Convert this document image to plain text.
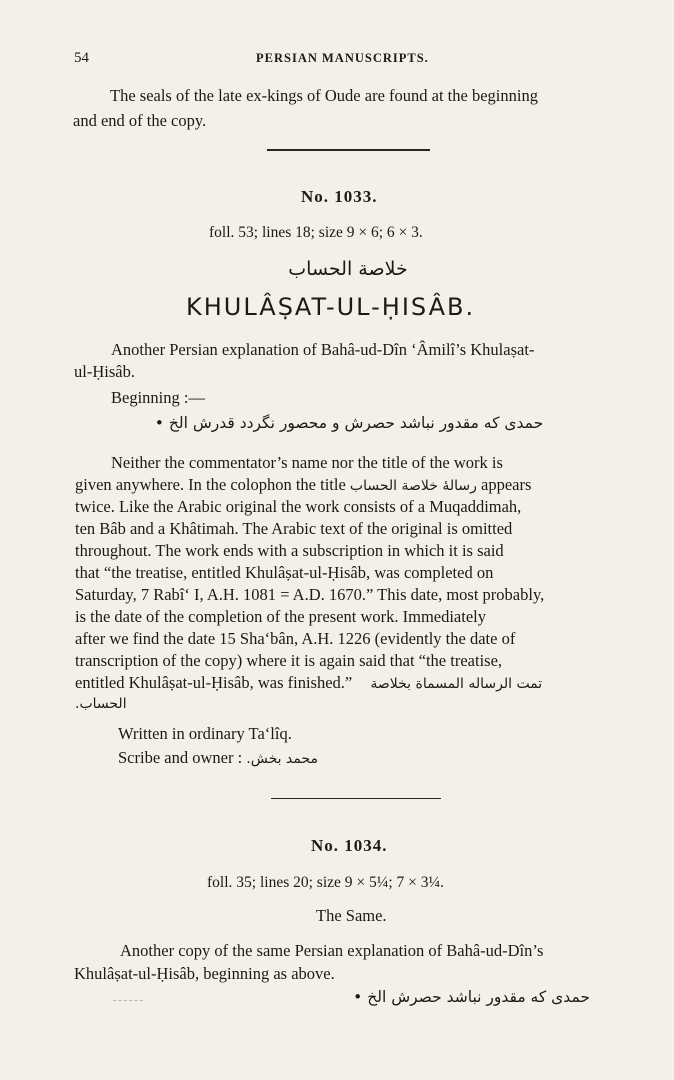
54	PERSIAN MANUSCRIPTS.
The seals of the late ex-kings of Oude are found at the beginning
and end of the copy.
No. 1033.
foll. 53; lines 18; size 9 × 6; 6 × 3.
خلاصة الحساب
KHULÂṢAT-UL-ḤISÂB.
Another Persian explanation of Bahâ-ud-Dîn ‘Âmilî’s Khulaṣat-
ul-Ḥisâb.
Beginning :—
حمدی که مقدور نباشد حصرش و محصور نگردد قدرش الخ •
Neither the commentator’s name nor the title of the work is
given anywhere. In the colophon the title رسالهٔ خلاصة الحساب appears
twice. Like the Arabic original the work consists of a Muqaddimah,
ten Bâb and a Khâtimah. The Arabic text of the original is omitted
throughout. The work ends with a subscription in which it is said
that “the treatise, entitled Khulâṣat-ul-Ḥisâb, was completed on
Saturday, 7 Rabî‘ I, A.H. 1081 = A.D. 1670.” This date, most probably,
is the date of the completion of the present work. Immediately
after we find the date 15 Sha‘bân, A.H. 1226 (evidently the date of
transcription of the copy) where it is again said that “the treatise,
entitled Khulâṣat-ul-Ḥisâb, was finished.” تمت الرساله المسماة بخلاصة
الحساب.
Written in ordinary Ta‘lîq.
Scribe and owner : محمد بخش.
No. 1034.
foll. 35; lines 20; size 9 × 5¼; 7 × 3¼.
The Same.
Another copy of the same Persian explanation of Bahâ-ud-Dîn’s
Khulâṣat-ul-Ḥisâb, beginning as above.
حمدی که مقدور نباشد حصرش الخ •
